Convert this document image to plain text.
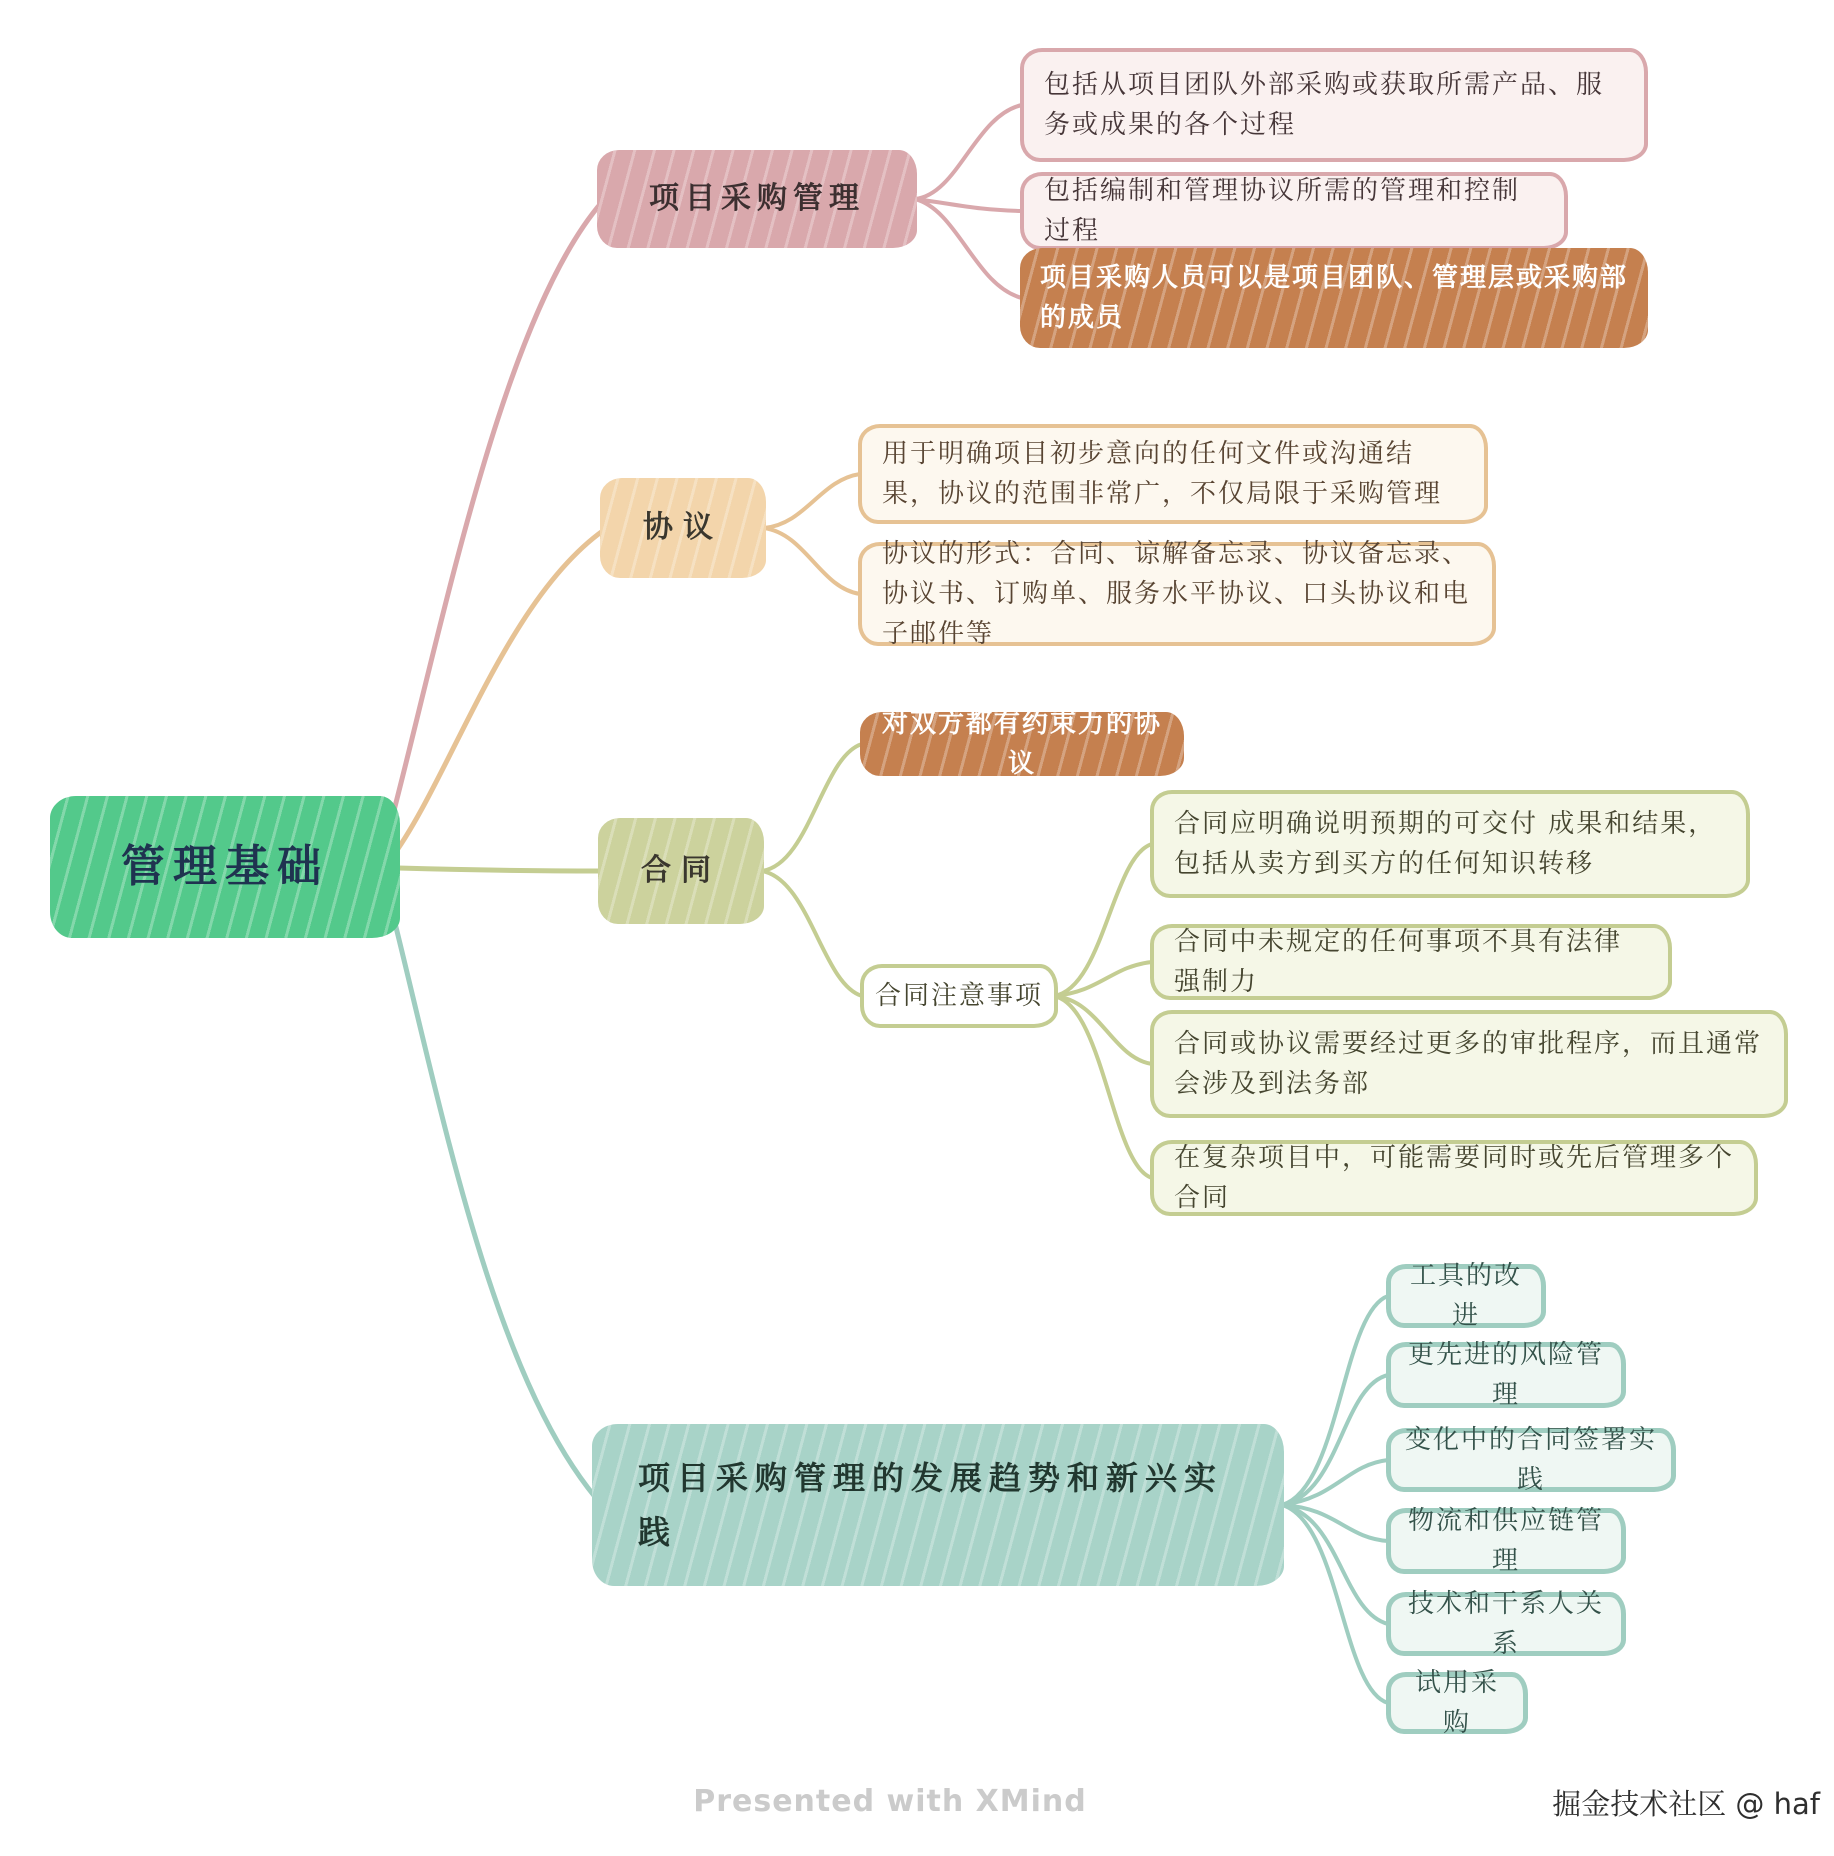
管理基础
项目采购管理
包括从项目团队外部采购或获取所需产品、服务或成果的各个过程
包括编制和管理协议所需的管理和控制过程
项目采购人员可以是项目团队、管理层或采购部的成员
协议
用于明确项目初步意向的任何文件或沟通结果，协议的范围非常广，不仅局限于采购管理
协议的形式：合同、谅解备忘录、协议备忘录、协议书、订购单、服务水平协议、口头协议和电子邮件等
合同
对双方都有约束力的协议
合同注意事项
合同应明确说明预期的可交付 成果和结果，包括从卖方到买方的任何知识转移
合同中未规定的任何事项不具有法律强制力
合同或协议需要经过更多的审批程序，而且通常会涉及到法务部
在复杂项目中，可能需要同时或先后管理多个合同
项目采购管理的发展趋势和新兴实践
工具的改进
更先进的风险管理
变化中的合同签署实践
物流和供应链管理
技术和干系人关系
试用采购
Presented with XMind	掘金技术社区 @ haf
